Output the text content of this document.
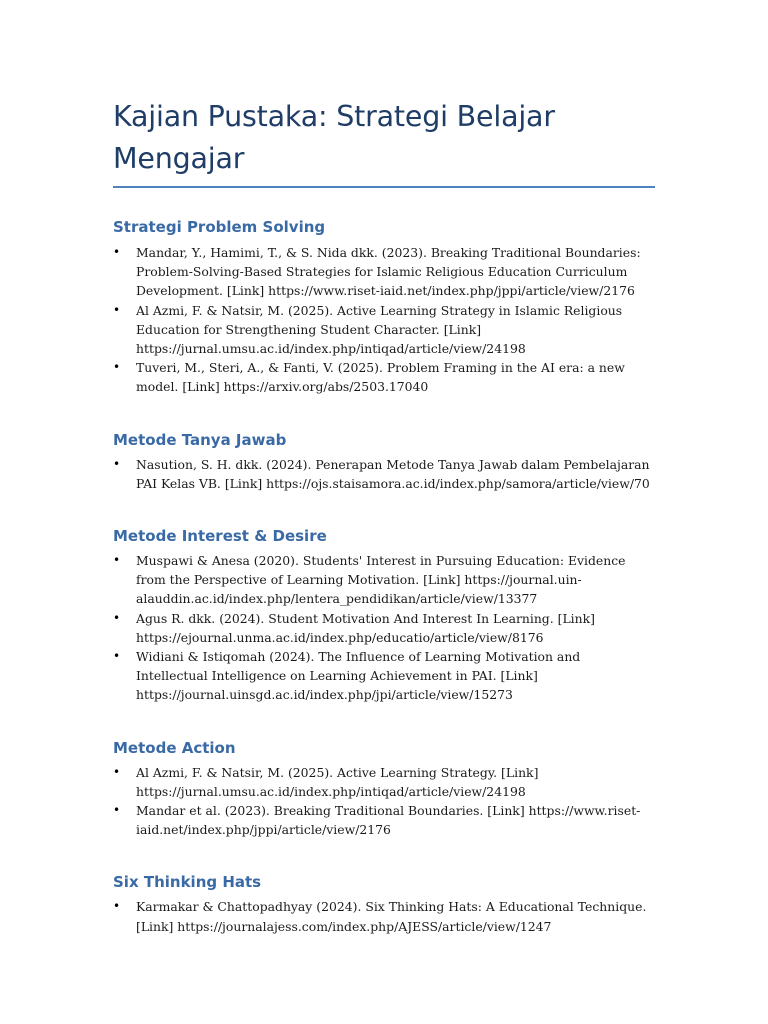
Kajian Pustaka: Strategi Belajar Mengajar
Strategi Problem Solving
• Mandar, Y., Hamimi, T., & S. Nida dkk. (2023). Breaking Traditional Boundaries: Problem-Solving-Based Strategies for Islamic Religious Education Curriculum Development. [Link] https://www.riset-iaid.net/index.php/jppi/article/view/2176
• Al Azmi, F. & Natsir, M. (2025). Active Learning Strategy in Islamic Religious Education for Strengthening Student Character. [Link] https://jurnal.umsu.ac.id/index.php/intiqad/article/view/24198
• Tuveri, M., Steri, A., & Fanti, V. (2025). Problem Framing in the AI era: a new model. [Link] https://arxiv.org/abs/2503.17040
Metode Tanya Jawab
• Nasution, S. H. dkk. (2024). Penerapan Metode Tanya Jawab dalam Pembelajaran PAI Kelas VB. [Link] https://ojs.staisamora.ac.id/index.php/samora/article/view/70
Metode Interest & Desire
• Muspawi & Anesa (2020). Students' Interest in Pursuing Education: Evidence from the Perspective of Learning Motivation. [Link] https://journal.uin-alauddin.ac.id/index.php/lentera_pendidikan/article/view/13377
• Agus R. dkk. (2024). Student Motivation And Interest In Learning. [Link] https://ejournal.unma.ac.id/index.php/educatio/article/view/8176
• Widiani & Istiqomah (2024). The Influence of Learning Motivation and Intellectual Intelligence on Learning Achievement in PAI. [Link] https://journal.uinsgd.ac.id/index.php/jpi/article/view/15273
Metode Action
• Al Azmi, F. & Natsir, M. (2025). Active Learning Strategy. [Link] https://jurnal.umsu.ac.id/index.php/intiqad/article/view/24198
• Mandar et al. (2023). Breaking Traditional Boundaries. [Link] https://www.riset-iaid.net/index.php/jppi/article/view/2176
Six Thinking Hats
• Karmakar & Chattopadhyay (2024). Six Thinking Hats: A Educational Technique. [Link] https://journalajess.com/index.php/AJESS/article/view/1247
